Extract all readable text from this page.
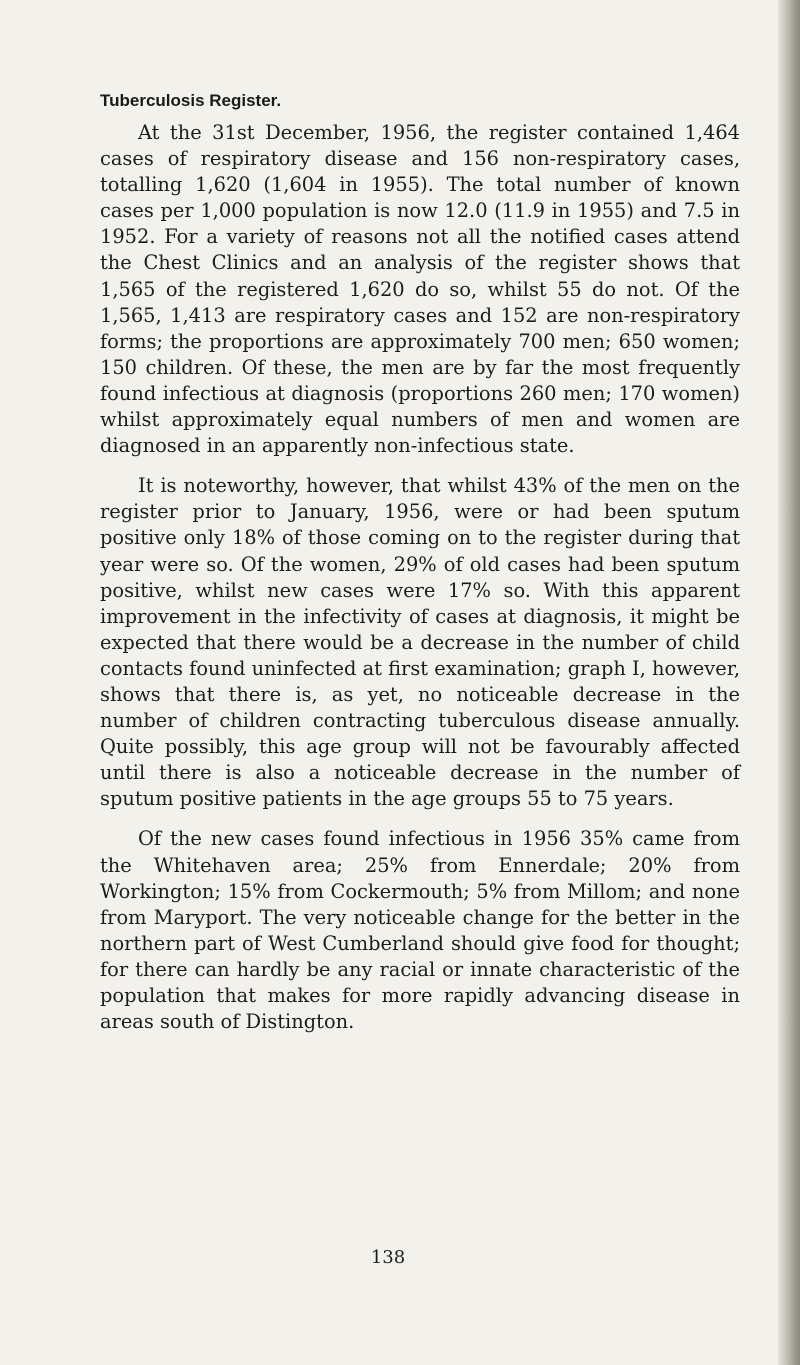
Tuberculosis Register.

At the 31st December, 1956, the register contained 1,464 cases of respiratory disease and 156 non-respiratory cases, totalling 1,620 (1,604 in 1955). The total number of known cases per 1,000 population is now 12.0 (11.9 in 1955) and 7.5 in 1952. For a variety of reasons not all the notified cases attend the Chest Clinics and an analysis of the register shows that 1,565 of the registered 1,620 do so, whilst 55 do not. Of the 1,565, 1,413 are respiratory cases and 152 are non-respiratory forms; the proportions are approximately 700 men; 650 women; 150 children. Of these, the men are by far the most frequently found infectious at diagnosis (proportions 260 men; 170 women) whilst approximately equal numbers of men and women are diagnosed in an apparently non-infectious state.

It is noteworthy, however, that whilst 43% of the men on the register prior to January, 1956, were or had been sputum positive only 18% of those coming on to the register during that year were so. Of the women, 29% of old cases had been sputum positive, whilst new cases were 17% so. With this apparent improvement in the infectivity of cases at diagnosis, it might be expected that there would be a decrease in the number of child contacts found uninfected at first examination; graph I, however, shows that there is, as yet, no noticeable decrease in the number of children contracting tuberculous disease annually. Quite possibly, this age group will not be favourably affected until there is also a noticeable decrease in the number of sputum positive patients in the age groups 55 to 75 years.

Of the new cases found infectious in 1956 35% came from the Whitehaven area; 25% from Ennerdale; 20% from Workington; 15% from Cockermouth; 5% from Millom; and none from Maryport. The very noticeable change for the better in the northern part of West Cumberland should give food for thought; for there can hardly be any racial or innate characteristic of the population that makes for more rapidly advancing disease in areas south of Distington.

138
